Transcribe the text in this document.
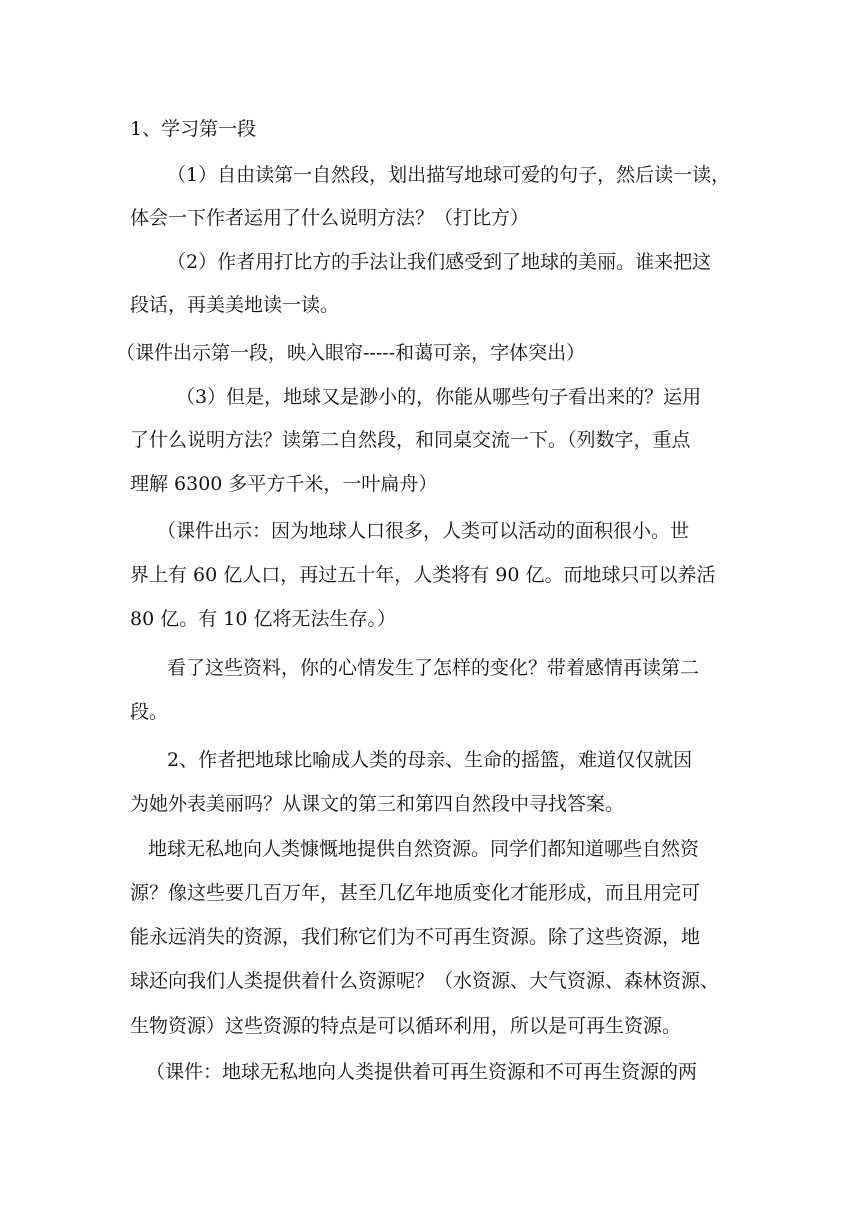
1、学习第一段
（1）自由读第一自然段，划出描写地球可爱的句子，然后读一读，
体会一下作者运用了什么说明方法？（打比方）
（2）作者用打比方的手法让我们感受到了地球的美丽。谁来把这
段话，再美美地读一读。
（课件出示第一段，映入眼帘-----和蔼可亲，字体突出）
（3）但是，地球又是渺小的，你能从哪些句子看出来的？运用
了什么说明方法？读第二自然段，和同桌交流一下。（列数字，重点
理解 6300 多平方千米，一叶扁舟）
（课件出示：因为地球人口很多，人类可以活动的面积很小。世
界上有 60 亿人口，再过五十年，人类将有 90 亿。而地球只可以养活
80 亿。有 10 亿将无法生存。）
看了这些资料，你的心情发生了怎样的变化？带着感情再读第二
段。
2、作者把地球比喻成人类的母亲、生命的摇篮，难道仅仅就因
为她外表美丽吗？从课文的第三和第四自然段中寻找答案。
地球无私地向人类慷慨地提供自然资源。同学们都知道哪些自然资
源？像这些要几百万年，甚至几亿年地质变化才能形成，而且用完可
能永远消失的资源，我们称它们为不可再生资源。除了这些资源，地
球还向我们人类提供着什么资源呢？（水资源、大气资源、森林资源、
生物资源）这些资源的特点是可以循环利用，所以是可再生资源。
（课件：地球无私地向人类提供着可再生资源和不可再生资源的两
